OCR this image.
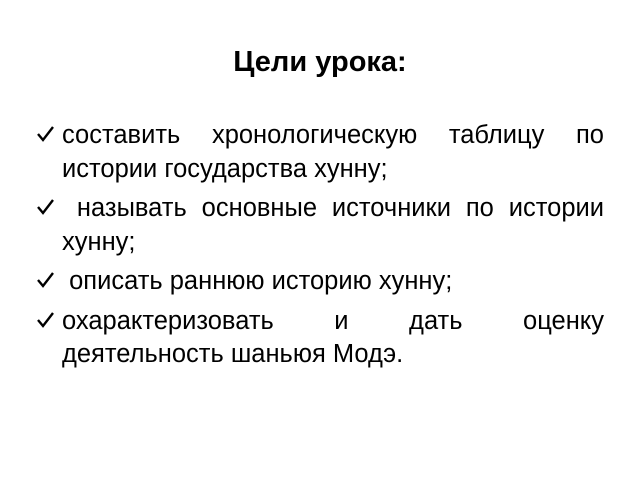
Цели урока:
составить хронологическую таблицу по истории государства хунну;
называть основные источники по истории хунну;
описать раннюю историю хунну;
охарактеризовать и дать оценку деятельность шаньюя Модэ.
